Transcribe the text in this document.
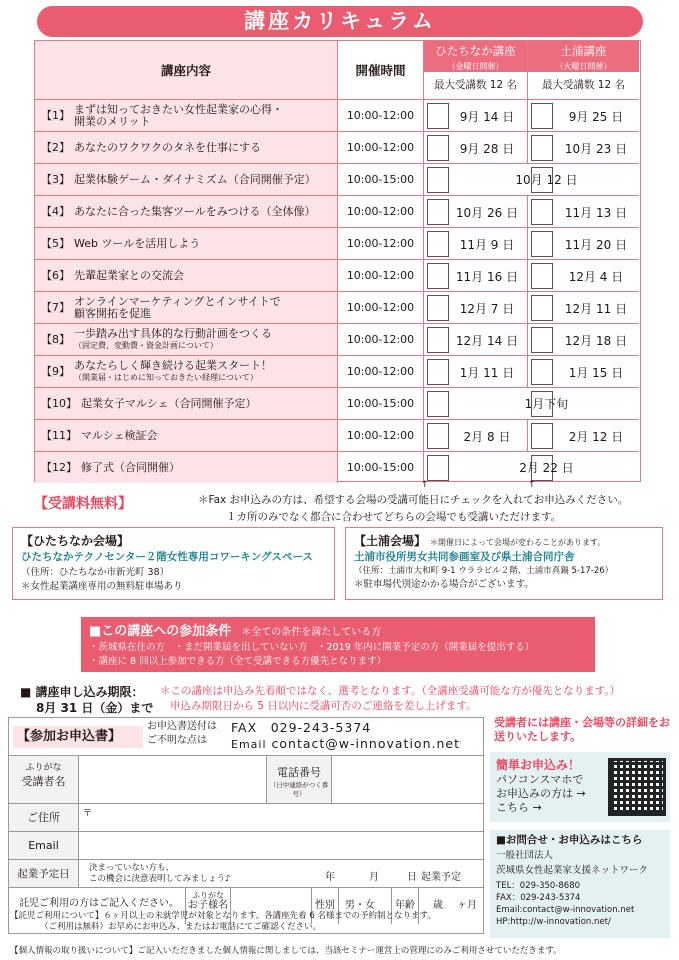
講座カリキュラム
講座内容	開催時間
ひたちなか講座
（金曜日開催）
最大受講数 12 名
土浦講座
（火曜日開催）
最大受講数 12 名
【1】 まずは知っておきたい女性起業家の心得・
開業のメリット	10:00-12:00	9月 14 日	9月 25 日
【2】 あなたのワクワクのタネを仕事にする	10:00-12:00	9月 28 日	10月 23 日
【3】 起業体験ゲーム・ダイナミズム（合同開催予定）	10:00-15:00	10月 12 日
【4】 あなたに合った集客ツールをみつける（全体像）	10:00-12:00	10月 26 日	11月 13 日
【5】 Web ツールを活用しよう	10:00-12:00	11月 9 日	11月 20 日
【6】 先輩起業家との交流会	10:00-12:00	11月 16 日	12月 4 日
【7】 オンラインマーケティングとインサイトで
顧客開拓を促進	10:00-12:00	12月 7 日	12月 11 日
【8】 一歩踏み出す具体的な行動計画をつくる
（固定費、変動費・資金計画について）	10:00-12:00	12月 14 日	12月 18 日
【9】 あなたらしく輝き続ける起業スタート！
（開業届・はじめに知っておきたい経理について）	10:00-12:00	1月 11 日	1月 15 日
【10】 起業女子マルシェ（合同開催予定）	10:00-15:00	1月下旬
【11】 マルシェ検証会	10:00-12:00	2月 8 日	2月 12 日
【12】 修了式（合同開催）	10:00-15:00	2月 22 日
↑	↑
【受講料無料】	＊Fax お申込みの方は、希望する会場の受講可能日にチェックを入れてお申込みください。
１カ所のみでなく都合に合わせてどちらの会場でも受講いただけます。
【ひたちなか会場】
ひたちなかテクノセンター２階女性専用コワーキングスペース
（住所：ひたちなか市新光町 38）
＊女性起業講座専用の無料駐車場あり
【土浦会場】 ＊開催日によって会場が変わることがあります。
土浦市役所男女共同参画室及び県土浦合同庁舎
（住所：土浦市大和町 9-1 ウララビル２階、土浦市真鍋 5-17-26）
＊駐車場代別途かかる場合がございます。
■この講座への参加条件 ＊全ての条件を満たしている方
・茨城県在住の方　・まだ開業届を出していない方　・2019 年内に開業予定の方（開業届を提出する）
・講座に 8 回以上参加できる方（全て受講できる方優先となります）
■ 講座申し込み期限：
8月 31 日（金）まで
＊この講座は申込み先着順ではなく、選考となります。（全講座受講可能な方が優先となります。）
申込み期限日から 5 日以内に受講可否のご連絡を差し上げます。
【参加お申込書】
お申込書送付は
ご不明な点は
FAX　 029-243-5374
Email contact@w-innovation.net
ふりがな
受講者名
電話番号
（日中連絡がつく番号）
ご住所	〒
Email
起業予定日	決まっていない方も、
この機会に決意表明してみましょう♪	年	月	日 起業予定
託児ご利用の方はご記入ください。
ふりがな
お子様名	性別	男・女	年齢	歳 ヶ月
【託児ご利用について】６ヶ月以上の未就学児が対象となります。各講座先着 6 名様までの予約制となります。
（ご利用は無料）お早めにお申込み、またはお電話にてご確認ください。
受講者には講座・会場等の詳細をお送りいたします。
簡単お申込み！
パソコンスマホで
お申込みの方は →
こちら →
■お問合せ・お申込みはこちら
一般社団法人
茨城県女性起業家支援ネットワーク
TEL：029-350-8680
FAX：029-243-5374
Email:contact@w-innovation.net
HP:http://w-innovation.net/
【個人情報の取り扱いについて】ご記入いただきました個人情報に関しましては、当該セミナー運営上の管理にのみご利用させていただきます。
